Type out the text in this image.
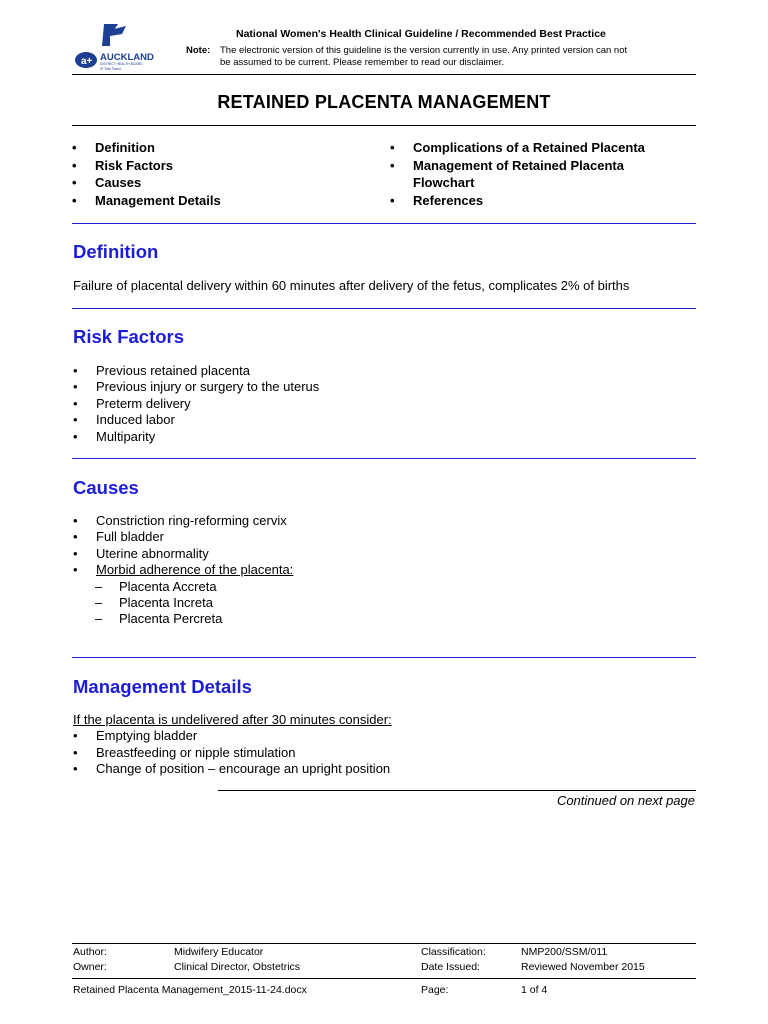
a+ AUCKLAND
DISTRICT HEALTH BOARD
Te Toka Tumai
National Women's Health Clinical Guideline / Recommended Best Practice
Note: The electronic version of this guideline is the version currently in use. Any printed version can not
be assumed to be current. Please remember to read our disclaimer.
RETAINED PLACENTA MANAGEMENT
• Definition
• Risk Factors
• Causes
• Management Details
• Complications of a Retained Placenta
• Management of Retained Placenta
Flowchart
• References
Definition
Failure of placental delivery within 60 minutes after delivery of the fetus, complicates 2% of births
Risk Factors
• Previous retained placenta
• Previous injury or surgery to the uterus
• Preterm delivery
• Induced labor
• Multiparity
Causes
• Constriction ring-reforming cervix
• Full bladder
• Uterine abnormality
• Morbid adherence of the placenta:
– Placenta Accreta
– Placenta Increta
– Placenta Percreta
Management Details
If the placenta is undelivered after 30 minutes consider:
• Emptying bladder
• Breastfeeding or nipple stimulation
• Change of position – encourage an upright position
Continued on next page
Author:	Midwifery Educator	Classification:	NMP200/SSM/011
Owner:	Clinical Director, Obstetrics	Date Issued:	Reviewed November 2015
Retained Placenta Management_2015-11-24.docx	Page:	1 of 4
